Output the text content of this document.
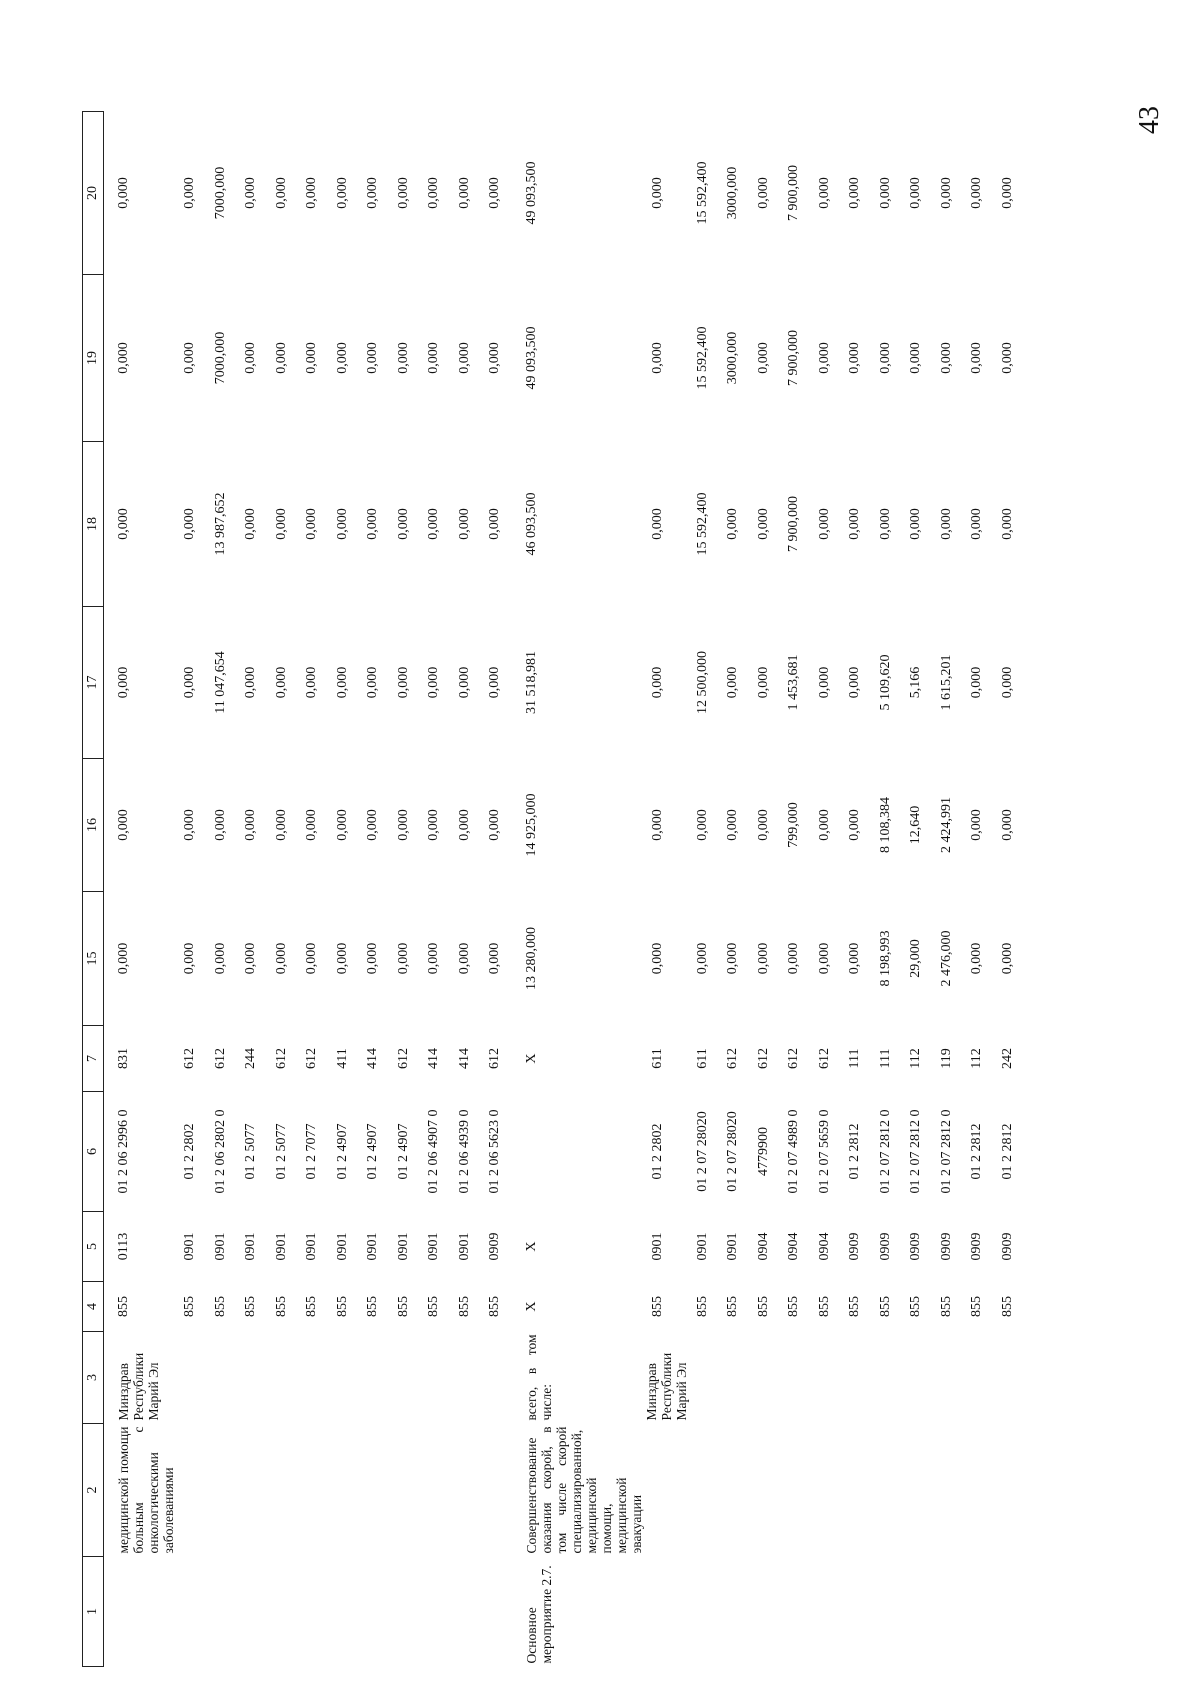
43
1	2	3	4	5	6	7	15	16	17	18	19	20
	медицинской помощи больным с онкологическими заболеваниями	Минздрав Республики Марий Эл	855	0113	01 2 06 2996 0	831	0,000	0,000	0,000	0,000	0,000	0,000
			855	0901	01 2 2802	612	0,000	0,000	0,000	0,000	0,000	0,000
			855	0901	01 2 06 2802 0	612	0,000	0,000	11 047,654	13 987,652	7000,000	7000,000
			855	0901	01 2 5077	244	0,000	0,000	0,000	0,000	0,000	0,000
			855	0901	01 2 5077	612	0,000	0,000	0,000	0,000	0,000	0,000
			855	0901	01 2 7077	612	0,000	0,000	0,000	0,000	0,000	0,000
			855	0901	01 2 4907	411	0,000	0,000	0,000	0,000	0,000	0,000
			855	0901	01 2 4907	414	0,000	0,000	0,000	0,000	0,000	0,000
			855	0901	01 2 4907	612	0,000	0,000	0,000	0,000	0,000	0,000
			855	0901	01 2 06 4907 0	414	0,000	0,000	0,000	0,000	0,000	0,000
			855	0901	01 2 06 4939 0	414	0,000	0,000	0,000	0,000	0,000	0,000
			855	0909	01 2 06 5623 0	612	0,000	0,000	0,000	0,000	0,000	0,000
Основное мероприятие 2.7.	Совершенствование оказания скорой, в том числе скорой специализированной, медицинской помощи, медицинской эвакуации	всего, в том числе:	X	X		X	13 280,000	14 925,000	31 518,981	46 093,500	49 093,500	49 093,500
		Минздрав Республики Марий Эл	855	0901	01 2 2802	611	0,000	0,000	0,000	0,000	0,000	0,000
			855	0901	01 2 07 28020	611	0,000	0,000	12 500,000	15 592,400	15 592,400	15 592,400
			855	0901	01 2 07 28020	612	0,000	0,000	0,000	0,000	3000,000	3000,000
			855	0904	4779900	612	0,000	0,000	0,000	0,000	0,000	0,000
			855	0904	01 2 07 4989 0	612	0,000	799,000	1 453,681	7 900,000	7 900,000	7 900,000
			855	0904	01 2 07 5659 0	612	0,000	0,000	0,000	0,000	0,000	0,000
			855	0909	01 2 2812	111	0,000	0,000	0,000	0,000	0,000	0,000
			855	0909	01 2 07 2812 0	111	8 198,993	8 108,384	5 109,620	0,000	0,000	0,000
			855	0909	01 2 07 2812 0	112	29,000	12,640	5,166	0,000	0,000	0,000
			855	0909	01 2 07 2812 0	119	2 476,000	2 424,991	1 615,201	0,000	0,000	0,000
			855	0909	01 2 2812	112	0,000	0,000	0,000	0,000	0,000	0,000
			855	0909	01 2 2812	242	0,000	0,000	0,000	0,000	0,000	0,000
